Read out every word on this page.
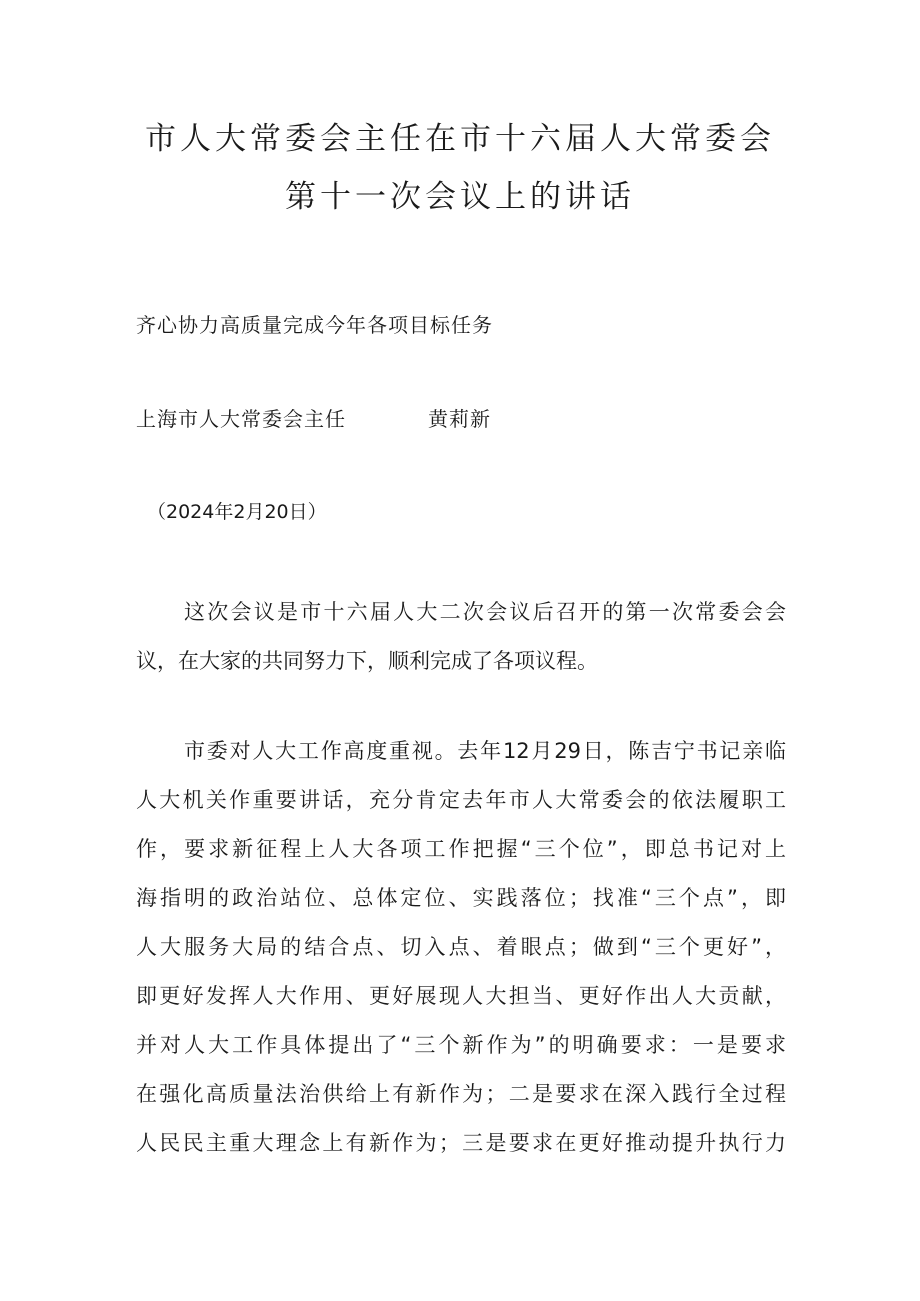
市人大常委会主任在市十六届人大常委会
第十一次会议上的讲话
齐心协力高质量完成今年各项目标任务
上海市人大常委会主任	黄莉新
（2024年2月20日）
这次会议是市十六届人大二次会议后召开的第一次常委会会
议，在大家的共同努力下，顺利完成了各项议程。
市委对人大工作高度重视。去年12月29日，陈吉宁书记亲临
人大机关作重要讲话，充分肯定去年市人大常委会的依法履职工
作，要求新征程上人大各项工作把握“三个位”，即总书记对上
海指明的政治站位、总体定位、实践落位；找准“三个点”，即
人大服务大局的结合点、切入点、着眼点；做到“三个更好”，
即更好发挥人大作用、更好展现人大担当、更好作出人大贡献，
并对人大工作具体提出了“三个新作为”的明确要求：一是要求
在强化高质量法治供给上有新作为；二是要求在深入践行全过程
人民民主重大理念上有新作为；三是要求在更好推动提升执行力
